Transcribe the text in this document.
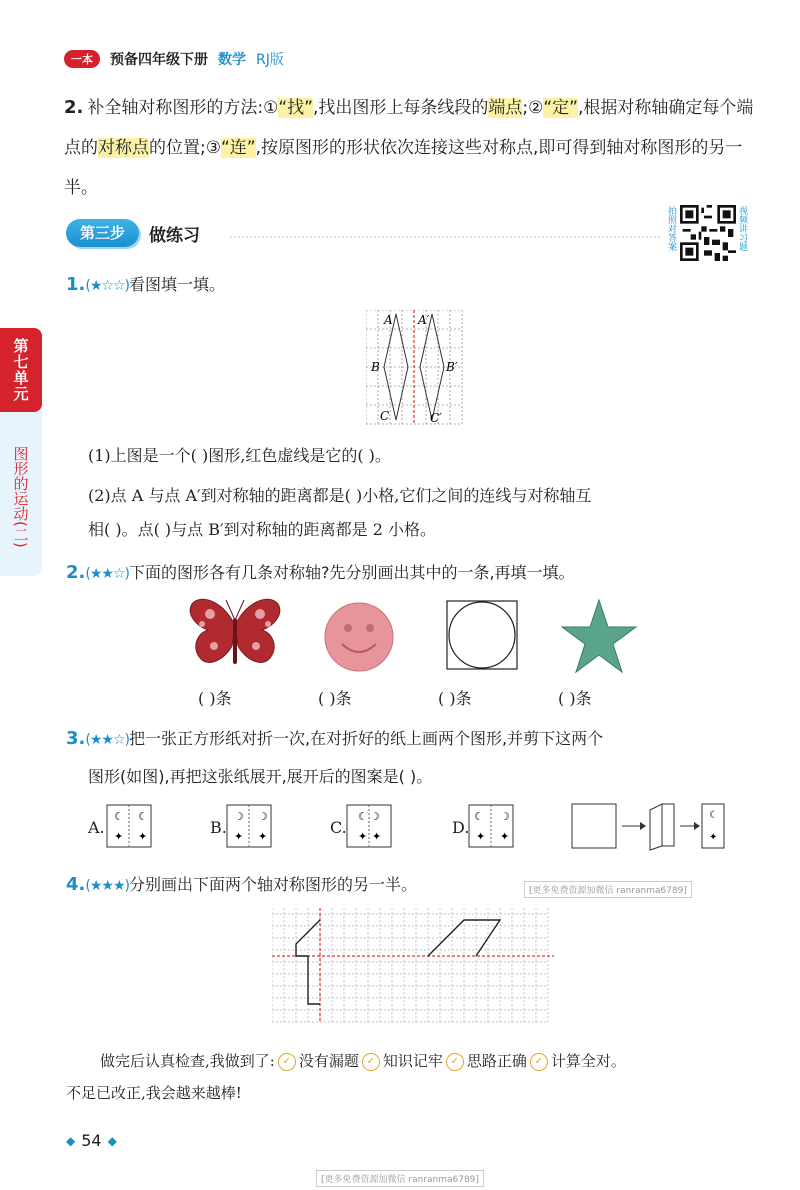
一本	预备四年级下册 数学 RJ版
2. 补全轴对称图形的方法:①“找”,找出图形上每条线段的端点;②“定”,根据对称轴确定每个端点的对称点的位置;③“连”,按原图形的形状依次连接这些对称点,即可得到轴对称图形的另一半。
第三步	做练习	拍照对答案	视频讲习题
第七单元
图形的运动(二)
1.(★☆☆)看图填一填。
A A′
B	B′
C	C′
(1)上图是一个( )图形,红色虚线是它的( )。
(2)点 A 与点 A′到对称轴的距离都是( )小格,它们之间的连线与对称轴互
相( )。点( )与点 B′到对称轴的距离都是 2 小格。
2.(★★☆)下面的图形各有几条对称轴?先分别画出其中的一条,再填一填。
( )条	( )条	( )条	( )条
3.(★★☆)把一张正方形纸对折一次,在对折好的纸上画两个图形,并剪下这两个
图形(如图),再把这张纸展开,展开后的图案是( )。
A.
☾ ☾
✦ ✦	B.
☽ ☽
✦ ✦	C.
☾ ☽
✦ ✦	D.
☾ ☽
✦ ✦
☾
✦
4.(★★★)分别画出下面两个轴对称图形的另一半。	[更多免费资源加微信 ranranma6789]
做完后认真检查,我做到了: ✓ 没有漏题 ✓ 知识记牢 ✓ 思路正确 ✓ 计算全对。
不足已改正,我会越来越棒!
◆ 54 ◆
[更多免费资源加微信 ranranma6789]
